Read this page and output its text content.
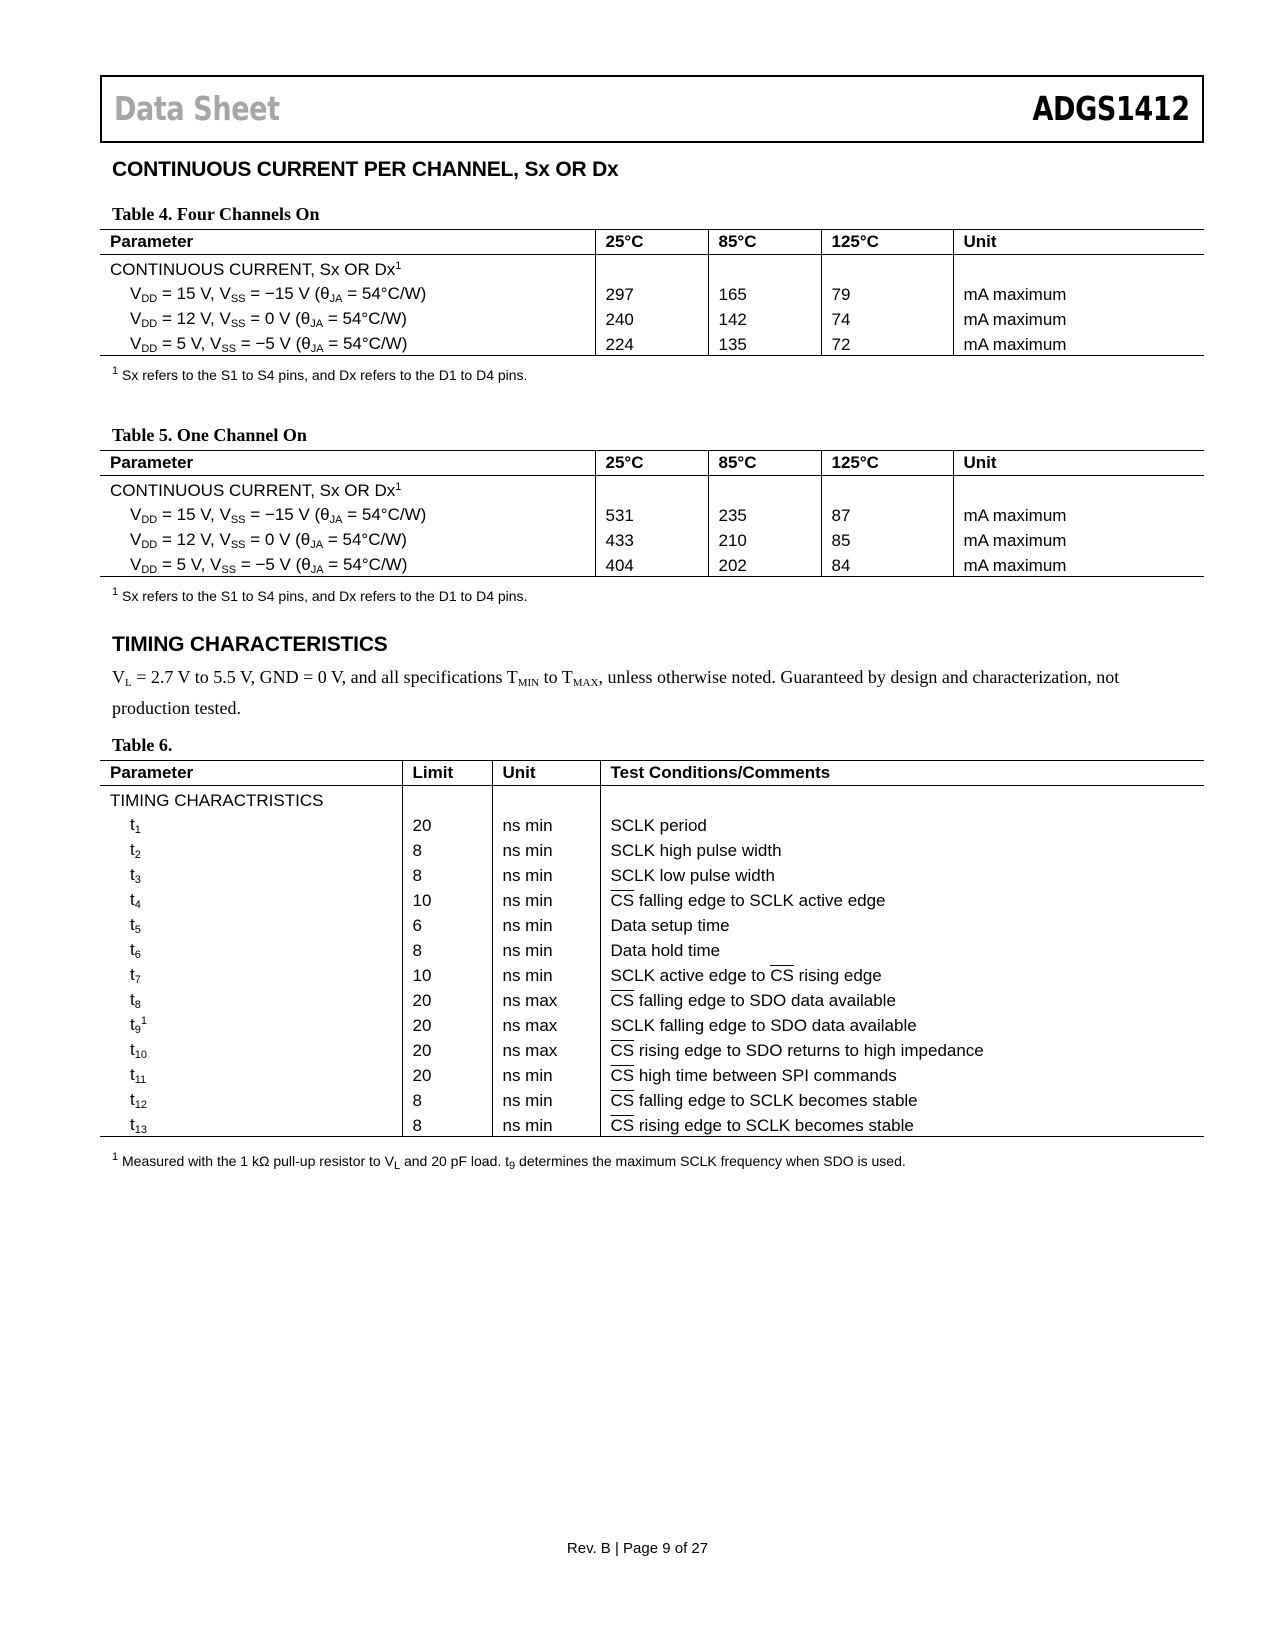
Data Sheet	ADGS1412
CONTINUOUS CURRENT PER CHANNEL, Sx OR Dx
Table 4. Four Channels On
Parameter	25°C	85°C	125°C	Unit
CONTINUOUS CURRENT, Sx OR Dx$^1$				
$V_{DD} = 15$ V, $V_{SS} = -15$ V $(\theta_{JA} = 54^\circ C/W)$	297	165	79	mA maximum
$V_{DD} = 12$ V, $V_{SS} = 0$ V $(\theta_{JA} = 54^\circ C/W)$	240	142	74	mA maximum
$V_{DD} = 5$ V, $V_{SS} = -5$ V $(\theta_{JA} = 54^\circ C/W)$	224	135	72	mA maximum
$^1$ Sx refers to the S1 to S4 pins, and Dx refers to the D1 to D4 pins.
Table 5. One Channel On
Parameter	25°C	85°C	125°C	Unit
CONTINUOUS CURRENT, Sx OR Dx$^1$				
$V_{DD} = 15$ V, $V_{SS} = -15$ V $(\theta_{JA} = 54^\circ C/W)$	531	235	87	mA maximum
$V_{DD} = 12$ V, $V_{SS} = 0$ V $(\theta_{JA} = 54^\circ C/W)$	433	210	85	mA maximum
$V_{DD} = 5$ V, $V_{SS} = -5$ V $(\theta_{JA} = 54^\circ C/W)$	404	202	84	mA maximum
$^1$ Sx refers to the S1 to S4 pins, and Dx refers to the D1 to D4 pins.
TIMING CHARACTERISTICS
$V_L = 2.7$ V to 5.5 V, GND = 0 V, and all specifications $T_{MIN}$ to $T_{MAX}$, unless otherwise noted. Guaranteed by design and characterization, not production tested.
Table 6.
Parameter	Limit	Unit	Test Conditions/Comments
TIMING CHARACTRISTICS			
$t_1$	20	ns min	SCLK period
$t_2$	8	ns min	SCLK high pulse width
$t_3$	8	ns min	SCLK low pulse width
$t_4$	10	ns min	$\overline{CS}$ falling edge to SCLK active edge
$t_5$	6	ns min	Data setup time
$t_6$	8	ns min	Data hold time
$t_7$	10	ns min	SCLK active edge to $\overline{CS}$ rising edge
$t_8$	20	ns max	$\overline{CS}$ falling edge to SDO data available
$t_9^1$	20	ns max	SCLK falling edge to SDO data available
$t_{10}$	20	ns max	$\overline{CS}$ rising edge to SDO returns to high impedance
$t_{11}$	20	ns min	$\overline{CS}$ high time between SPI commands
$t_{12}$	8	ns min	$\overline{CS}$ falling edge to SCLK becomes stable
$t_{13}$	8	ns min	$\overline{CS}$ rising edge to SCLK becomes stable
$^1$ Measured with the 1 kΩ pull-up resistor to $V_L$ and 20 pF load. $t_9$ determines the maximum SCLK frequency when SDO is used.
Rev. B | Page 9 of 27
